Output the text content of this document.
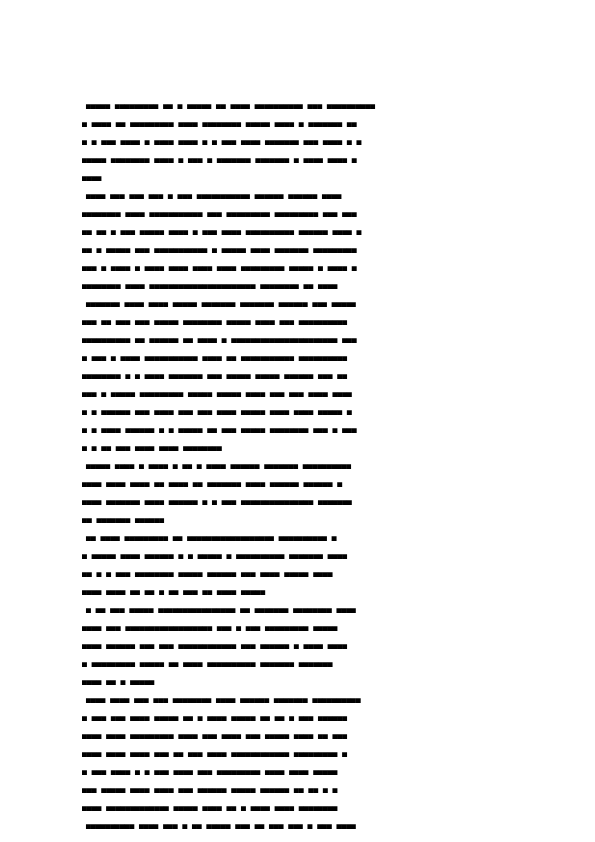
▄▄▄▄▄ ▄▄▄▄▄▄▄▄▄ ▄▄ ▄ ▄▄▄▄▄ ▄▄ ▄▄▄▄ ▄▄▄▄▄▄▄▄▄▄ ▄▄▄ ▄▄▄▄▄▄▄▄▄▄
▄ ▄▄▄▄ ▄▄ ▄▄▄▄▄▄▄▄▄ ▄▄▄▄ ▄▄▄▄▄▄▄▄ ▄▄▄▄▄ ▄▄▄▄ ▄ ▄▄▄▄▄▄▄ ▄▄
▄ ▄ ▄▄▄ ▄▄▄▄ ▄ ▄▄▄▄ ▄▄▄▄ ▄ ▄ ▄▄▄ ▄▄▄▄ ▄▄▄▄▄▄▄ ▄▄▄ ▄▄▄▄ ▄ ▄
▄▄▄▄▄ ▄▄▄▄▄▄▄▄ ▄▄▄▄ ▄ ▄▄▄ ▄ ▄▄▄▄▄▄▄ ▄▄▄▄▄▄▄ ▄ ▄▄▄▄ ▄▄▄▄ ▄
▄▄▄▄
▄▄▄▄ ▄▄▄ ▄▄▄ ▄▄▄ ▄ ▄▄▄ ▄▄▄▄▄▄▄▄▄▄▄ ▄▄▄▄▄▄ ▄▄▄▄▄▄ ▄▄▄▄
▄▄▄▄▄▄▄▄ ▄▄▄▄ ▄▄▄▄▄▄▄▄▄▄▄ ▄▄▄ ▄▄▄▄▄▄▄▄▄ ▄▄▄▄▄▄▄▄▄ ▄▄▄ ▄▄▄
▄▄ ▄▄ ▄ ▄▄▄ ▄▄▄▄▄ ▄▄▄▄ ▄ ▄▄▄ ▄▄▄▄ ▄▄▄▄▄▄▄▄▄▄ ▄▄▄▄▄▄ ▄▄▄▄ ▄
▄▄ ▄ ▄▄▄▄▄ ▄▄▄ ▄▄▄▄▄▄▄▄▄▄▄ ▄ ▄▄▄▄▄ ▄▄▄▄ ▄▄▄▄▄▄▄ ▄▄▄▄▄▄▄▄▄
▄▄▄ ▄ ▄▄▄▄ ▄ ▄▄▄▄ ▄▄▄▄ ▄▄▄▄ ▄▄▄▄ ▄▄▄▄▄▄▄▄▄ ▄▄▄▄▄ ▄ ▄▄▄▄ ▄
▄▄▄▄▄▄▄▄ ▄▄▄▄ ▄▄▄▄▄▄▄▄▄▄▄▄▄▄▄▄▄▄▄▄▄▄ ▄▄▄▄▄▄▄▄ ▄▄ ▄▄▄▄
▄▄▄▄▄▄▄ ▄▄▄▄ ▄▄▄▄ ▄▄▄▄▄ ▄▄▄▄▄▄▄ ▄▄▄▄▄▄▄ ▄▄▄▄▄▄ ▄▄▄ ▄▄▄▄▄
▄▄▄ ▄▄ ▄▄▄ ▄▄▄ ▄▄▄▄▄ ▄▄▄▄▄▄▄▄ ▄▄▄▄▄ ▄▄▄▄ ▄▄▄ ▄▄▄▄▄▄▄▄▄▄
▄▄▄▄▄▄▄▄▄▄ ▄▄ ▄▄▄▄▄▄ ▄▄ ▄▄▄▄ ▄ ▄▄▄▄▄▄▄▄▄▄▄▄▄▄▄▄▄▄▄▄▄▄ ▄▄▄
▄ ▄▄▄ ▄ ▄▄▄▄ ▄▄▄▄▄▄▄▄▄▄▄ ▄▄▄▄ ▄▄ ▄▄▄▄▄▄▄▄▄▄▄ ▄▄▄▄▄▄▄▄▄▄
▄▄▄▄▄▄▄▄ ▄ ▄ ▄▄▄▄ ▄▄▄▄▄▄▄ ▄▄▄ ▄▄▄▄▄ ▄▄▄▄▄ ▄▄▄▄▄▄ ▄▄▄ ▄▄
▄▄▄ ▄ ▄▄▄▄▄ ▄▄▄▄▄▄▄▄▄ ▄▄▄▄▄ ▄▄▄▄▄ ▄▄▄▄ ▄▄▄ ▄▄▄ ▄▄▄▄ ▄▄▄▄
▄ ▄ ▄▄▄▄▄▄ ▄▄▄ ▄▄▄▄ ▄▄▄ ▄▄▄ ▄▄▄▄ ▄▄▄▄▄ ▄▄▄▄ ▄▄▄▄ ▄▄▄▄▄ ▄
▄ ▄ ▄▄▄▄ ▄▄▄▄▄▄ ▄ ▄ ▄▄▄▄▄ ▄▄ ▄▄▄ ▄▄▄▄▄ ▄▄▄▄▄▄▄▄ ▄▄▄ ▄ ▄▄▄
▄ ▄ ▄▄ ▄▄▄ ▄▄▄▄ ▄▄▄▄ ▄▄▄▄▄▄▄▄
▄▄▄▄▄ ▄▄▄▄ ▄ ▄▄▄▄ ▄ ▄▄ ▄ ▄▄▄▄ ▄▄▄▄▄▄ ▄▄▄▄▄▄▄ ▄▄▄▄▄▄▄▄▄▄
▄▄▄▄ ▄▄▄▄ ▄▄▄▄ ▄▄ ▄▄▄▄ ▄▄ ▄▄▄▄▄▄▄ ▄▄▄▄ ▄▄▄▄▄▄ ▄▄▄▄▄▄ ▄
▄▄▄▄ ▄▄▄▄▄▄▄ ▄▄▄▄ ▄▄▄▄▄▄ ▄ ▄ ▄▄▄ ▄▄▄▄▄▄▄▄▄▄▄▄▄▄▄ ▄▄▄▄▄▄▄
▄▄ ▄▄▄▄▄▄▄ ▄▄▄▄▄▄
▄▄ ▄▄▄▄ ▄▄▄▄▄▄▄▄▄ ▄▄ ▄▄▄▄▄▄▄▄▄▄▄▄▄▄▄▄▄▄ ▄▄▄▄▄▄▄▄▄▄ ▄
▄ ▄▄▄▄▄ ▄▄▄▄ ▄▄▄▄▄▄ ▄ ▄ ▄▄▄▄▄ ▄ ▄▄▄▄▄▄▄▄▄▄ ▄▄▄▄▄▄▄ ▄▄▄▄
▄▄ ▄ ▄ ▄▄▄ ▄▄▄▄▄▄▄▄ ▄▄▄▄▄ ▄▄▄▄▄▄ ▄▄▄ ▄▄▄▄ ▄▄▄▄▄ ▄▄▄▄
▄▄▄▄ ▄▄▄▄ ▄▄ ▄▄ ▄ ▄▄ ▄▄▄ ▄▄ ▄▄▄▄ ▄▄▄▄▄
▄ ▄▄ ▄▄▄ ▄▄▄▄▄ ▄▄▄▄▄▄▄▄▄▄▄▄▄▄▄▄ ▄▄ ▄▄▄▄▄▄▄ ▄▄▄▄▄▄▄▄ ▄▄▄▄
▄▄▄▄ ▄▄▄ ▄▄▄▄▄▄▄▄▄▄▄▄▄▄▄▄▄▄ ▄▄▄ ▄ ▄▄▄ ▄▄▄▄▄▄▄▄▄ ▄▄▄▄▄
▄▄▄▄ ▄▄▄▄▄▄ ▄▄▄ ▄▄▄ ▄▄▄▄▄▄▄▄▄▄▄▄ ▄▄▄ ▄▄▄▄▄▄ ▄ ▄▄▄▄ ▄▄▄▄
▄ ▄▄▄▄▄▄▄▄▄ ▄▄▄▄▄ ▄▄ ▄▄▄▄ ▄▄▄▄▄▄▄▄▄▄ ▄▄▄▄▄▄▄ ▄▄▄▄▄▄▄
▄▄▄▄ ▄▄ ▄ ▄▄▄▄▄
▄▄▄▄ ▄▄▄▄ ▄▄▄ ▄▄▄ ▄▄▄▄▄▄▄▄ ▄▄▄▄ ▄▄▄▄▄▄ ▄▄▄▄▄▄▄ ▄▄▄▄▄▄▄▄▄▄
▄ ▄▄▄ ▄▄▄ ▄▄▄▄ ▄▄▄▄▄ ▄▄ ▄ ▄▄▄▄ ▄▄▄▄▄ ▄▄ ▄▄ ▄ ▄▄▄ ▄▄▄▄▄▄
▄▄▄▄ ▄▄▄▄ ▄▄▄▄▄▄▄▄▄ ▄▄▄▄ ▄▄▄ ▄▄▄▄ ▄▄▄ ▄▄▄▄▄ ▄▄▄▄ ▄▄ ▄▄▄
▄▄▄▄ ▄▄▄▄ ▄▄▄▄ ▄▄▄ ▄▄ ▄▄▄ ▄▄▄▄ ▄▄▄▄▄▄▄▄▄▄▄▄ ▄▄▄▄▄▄▄▄▄ ▄
▄ ▄▄▄ ▄▄▄▄ ▄ ▄ ▄▄▄ ▄▄▄▄ ▄▄▄ ▄▄▄▄▄▄▄▄▄ ▄▄▄▄ ▄▄▄▄ ▄▄▄▄▄
▄▄▄ ▄▄▄▄▄ ▄▄▄▄ ▄▄▄▄ ▄▄▄ ▄▄▄▄▄▄ ▄▄▄▄▄ ▄▄▄▄▄▄ ▄▄ ▄▄ ▄ ▄
▄▄▄▄ ▄▄▄▄▄▄▄▄▄▄▄▄▄ ▄▄▄▄▄ ▄▄▄▄ ▄▄ ▄ ▄▄▄▄ ▄▄▄▄ ▄▄▄▄▄▄▄▄
▄▄▄▄▄▄▄▄▄▄ ▄▄▄▄ ▄▄▄ ▄ ▄▄ ▄▄▄▄▄ ▄▄▄ ▄▄ ▄▄▄ ▄▄▄ ▄ ▄▄▄ ▄▄▄▄
